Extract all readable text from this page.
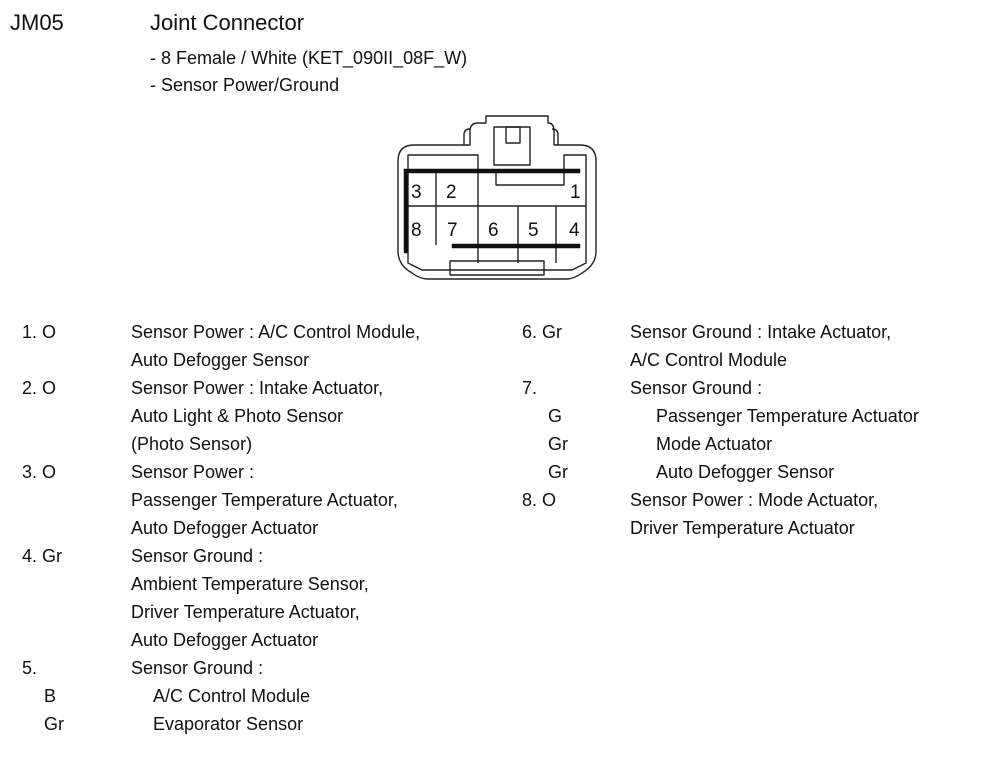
JM05	Joint Connector
- 8 Female / White (KET_090II_08F_W)
- Sensor Power/Ground
3 2	1
8 7 6 5 4
1. O	Sensor Power : A/C Control Module,
Auto Defogger Sensor
2. O	Sensor Power : Intake Actuator,
Auto Light & Photo Sensor
(Photo Sensor)
3. O	Sensor Power :
Passenger Temperature Actuator,
Auto Defogger Actuator
4. Gr	Sensor Ground :
Ambient Temperature Sensor,
Driver Temperature Actuator,
Auto Defogger Actuator
5.	Sensor Ground :
B	A/C Control Module
Gr	Evaporator Sensor
6. Gr	Sensor Ground : Intake Actuator,
A/C Control Module
7.	Sensor Ground :
G	Passenger Temperature Actuator
Gr	Mode Actuator
Gr	Auto Defogger Sensor
8. O	Sensor Power : Mode Actuator,
Driver Temperature Actuator
